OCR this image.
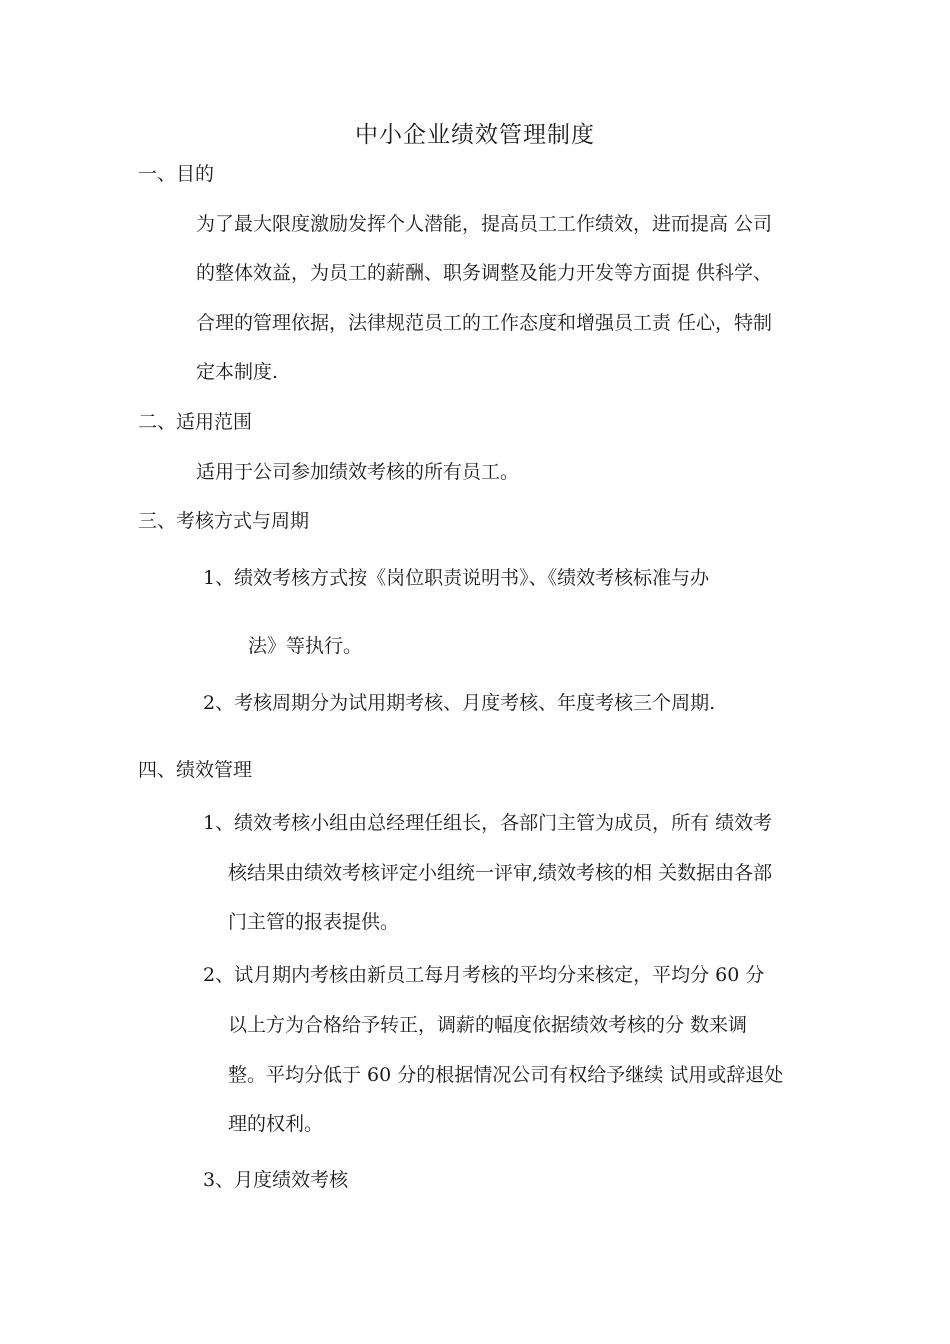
中小企业绩效管理制度
一、目的
为了最大限度激励发挥个人潜能，提高员工工作绩效，进而提高 公司
的整体效益，为员工的薪酬、职务调整及能力开发等方面提 供科学、
合理的管理依据，法律规范员工的工作态度和增强员工责 任心，特制
定本制度.
二、适用范围
适用于公司参加绩效考核的所有员工。
三、考核方式与周期
1、绩效考核方式按《岗位职责说明书》、《绩效考核标准与办
法》等执行。
2、考核周期分为试用期考核、月度考核、年度考核三个周期.
四、绩效管理
1、绩效考核小组由总经理任组长，各部门主管为成员，所有 绩效考
核结果由绩效考核评定小组统一评审,绩效考核的相 关数据由各部
门主管的报表提供。
2、试月期内考核由新员工每月考核的平均分来核定，平均分 60 分
以上方为合格给予转正，调薪的幅度依据绩效考核的分 数来调
整。平均分低于 60 分的根据情况公司有权给予继续 试用或辞退处
理的权利。
3、月度绩效考核
